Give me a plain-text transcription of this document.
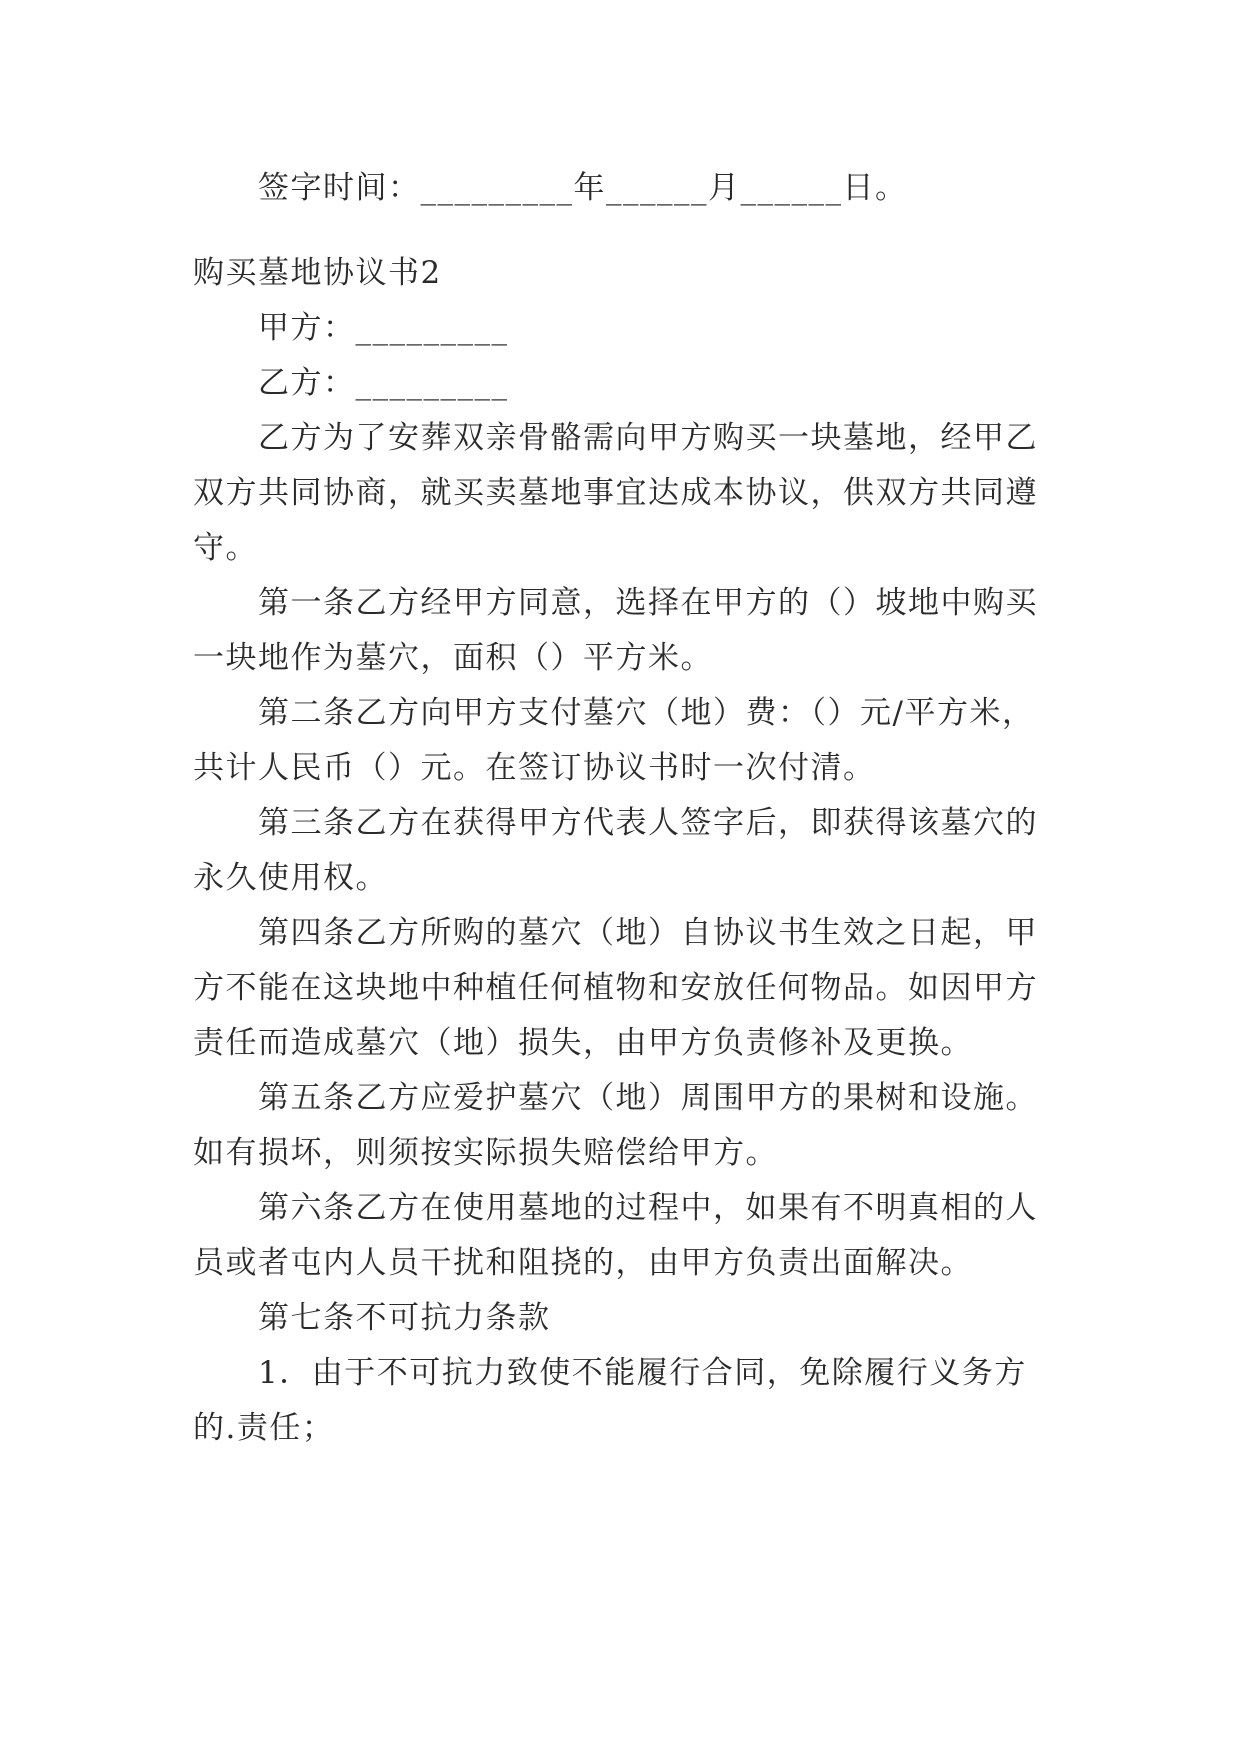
签字时间：_________年______月______日。
购买墓地协议书2
甲方：_________
乙方：_________
乙方为了安葬双亲骨骼需向甲方购买一块墓地，经甲乙
双方共同协商，就买卖墓地事宜达成本协议，供双方共同遵
守。
第一条乙方经甲方同意，选择在甲方的（）坡地中购买
一块地作为墓穴，面积（）平方米。
第二条乙方向甲方支付墓穴（地）费：（）元/平方米，
共计人民币（）元。在签订协议书时一次付清。
第三条乙方在获得甲方代表人签字后，即获得该墓穴的
永久使用权。
第四条乙方所购的墓穴（地）自协议书生效之日起，甲
方不能在这块地中种植任何植物和安放任何物品。如因甲方
责任而造成墓穴（地）损失，由甲方负责修补及更换。
第五条乙方应爱护墓穴（地）周围甲方的果树和设施。
如有损坏，则须按实际损失赔偿给甲方。
第六条乙方在使用墓地的过程中，如果有不明真相的人
员或者屯内人员干扰和阻挠的，由甲方负责出面解决。
第七条不可抗力条款
1．由于不可抗力致使不能履行合同，免除履行义务方
的.责任；
